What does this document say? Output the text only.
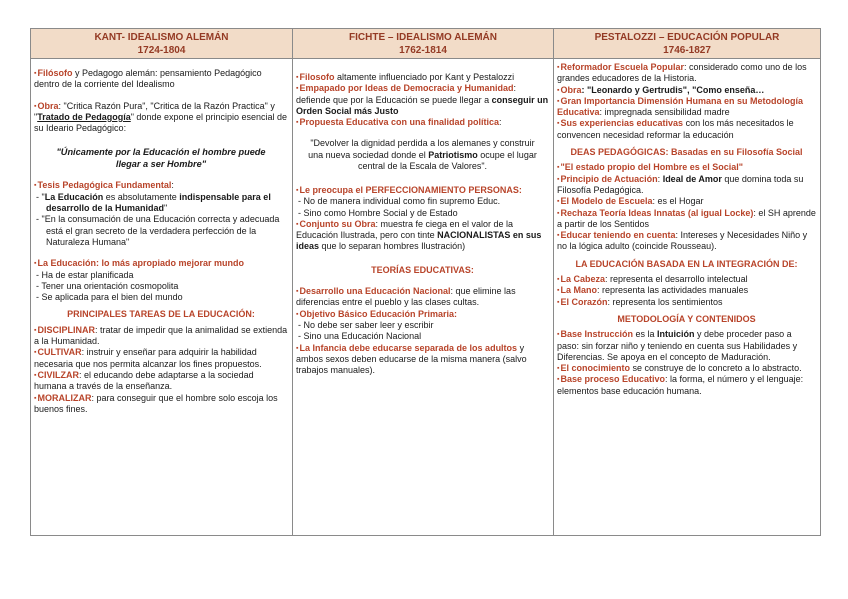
KANT- IDEALISMO ALEMÁN
1724-1804

▪Filósofo y Pedagogo alemán: pensamiento Pedagógico dentro de la corriente del Idealismo

▪Obra: "Critica Razón Pura", "Critica de la Razón Practica" y "Tratado de Pedagogía" donde expone el principio esencial de su Ideario Pedagógico:

"Únicamente por la Educación el hombre puede llegar a ser Hombre"

▪Tesis Pedagógica Fundamental:

- "La Educación es absolutamente indispensable para el desarrollo de la Humanidad"

- "En la consumación de una Educación correcta y adecuada está el gran secreto de la verdadera perfección de la Naturaleza Humana"

▪La Educación: lo más apropiado mejorar mundo

- Ha de estar planificada

- Tener una orientación cosmopolita

- Se aplicada para el bien del mundo

PRINCIPALES TAREAS DE LA EDUCACIÓN:

▪DISCIPLINAR: tratar de impedir que la animalidad se extienda a la Humanidad.

▪CULTIVAR: instruir y enseñar para adquirir la habilidad necesaria que nos permita alcanzar los fines propuestos.

▪CIVILZAR: el educando debe adaptarse a la sociedad humana a través de la enseñanza.

▪MORALIZAR: para conseguir que el hombre solo escoja los buenos fines.

FICHTE – IDEALISMO ALEMÁN
1762-1814

▪Filosofo altamente influenciado por Kant y Pestalozzi

▪Empapado por Ideas de Democracia y Humanidad: defiende que por la Educación se puede llegar a conseguir un Orden Social más Justo

▪Propuesta Educativa con una finalidad política:

"Devolver la dignidad perdida a los alemanes y construir una nueva sociedad donde el Patriotismo ocupe el lugar central de la Escala de Valores".

▪Le preocupa el PERFECCIONAMIENTO PERSONAS:

- No de manera individual como fin supremo Educ.

- Sino como Hombre Social y de Estado

▪Conjunto su Obra: muestra fe ciega en el valor de la Educación Ilustrada, pero con tinte NACIONALISTAS en sus ideas que lo separan hombres Ilustración)

TEORÍAS EDUCATIVAS:

▪Desarrollo una Educación Nacional: que elimine las diferencias entre el pueblo y las clases cultas.

▪Objetivo Básico Educación Primaria:

- No debe ser saber leer y escribir

- Sino una Educación Nacional

▪La Infancia debe educarse separada de los adultos y ambos sexos deben educarse de la misma manera (salvo trabajos manuales).

PESTALOZZI – EDUCACIÓN POPULAR
1746-1827

▪Reformador Escuela Popular: considerado como uno de los grandes educadores de la Historia.

▪Obra: "Leonardo y Gertrudis", "Como enseña…

▪Gran Importancia Dimensión Humana en su Metodología Educativa: impregnada sensibilidad madre

▪Sus experiencias educativas con los más necesitados le convencen necesidad reformar la educación

DEAS PEDAGÓGICAS: Basadas en su Filosofía Social

▪"El estado propio del Hombre es el Social"

▪Principio de Actuación: Ideal de Amor que domina toda su Filosofía Pedagógica.

▪El Modelo de Escuela: es el Hogar

▪Rechaza Teoría Ideas Innatas (al igual Locke): el SH aprende a partir de los Sentidos

▪Educar teniendo en cuenta: Intereses y Necesidades Niño y no la lógica adulto (coincide Rousseau).

LA EDUCACIÓN BASADA EN LA INTEGRACIÓN DE:

▪La Cabeza: representa el desarrollo intelectual

▪La Mano: representa las actividades manuales

▪El Corazón: representa los sentimientos

METODOLOGÍA Y CONTENIDOS

▪Base Instrucción es la Intuición y debe proceder paso a paso: sin forzar niño y teniendo en cuenta sus Habilidades y Diferencias. Se apoya en el concepto de Maduración.

▪El conocimiento se construye de lo concreto a lo abstracto.

▪Base proceso Educativo: la forma, el número y el lenguaje: elementos base educación humana.
